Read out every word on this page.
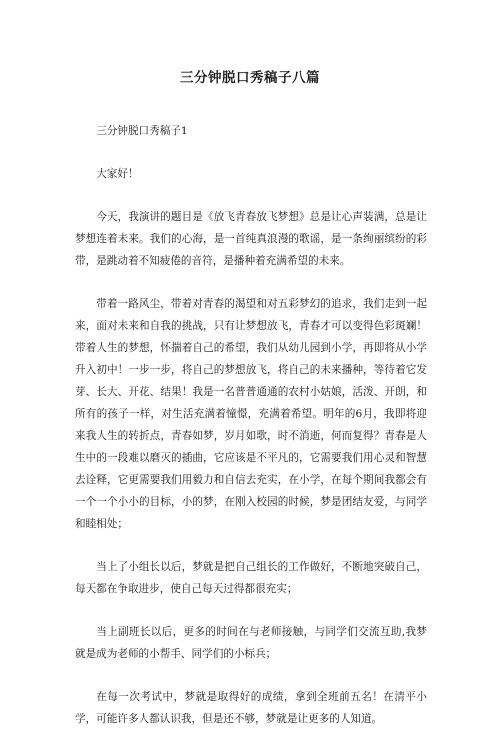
三分钟脱口秀稿子八篇

三分钟脱口秀稿子1

大家好！

今天，我演讲的题目是《放飞青春放飞梦想》总是让心声装满，总是让梦想连着未来。我们的心海，是一首纯真浪漫的歌谣，是一条绚丽缤纷的彩带，是跳动着不知疲倦的音符，是播种着充满希望的未来。

带着一路风尘，带着对青春的渴望和对五彩梦幻的追求，我们走到一起来，面对未来和自我的挑战，只有让梦想放飞，青春才可以变得色彩斑斓！带着人生的梦想，怀揣着自己的希望，我们从幼儿园到小学，再即将从小学升入初中！一步一步，将自己的梦想放飞，将自己的未来播种，等待着它发芽、长大、开花、结果！我是一名普普通通的农村小姑娘，活泼、开朗，和所有的孩子一样，对生活充满着憧憬，充满着希望。明年的6月，我即将迎来我人生的转折点，青春如梦，岁月如歌，时不消逝，何而复得？青春是人生中的一段难以磨灭的插曲，它应该是不平凡的，它需要我们用心灵和智慧去诠释，它更需要我们用毅力和自信去充实，在小学，在每个期间我都会有一个一个小小的目标，小的梦，在刚入校园的时候，梦是团结友爱，与同学和睦相处；

当上了小组长以后，梦就是把自己组长的工作做好，不断地突破自己，每天都在争取进步，使自己每天过得都很充实；

当上副班长以后，更多的时间在与老师接触，与同学们交流互助,我梦就是成为老师的小帮手、同学们的小标兵；

在每一次考试中，梦就是取得好的成绩，拿到全班前五名！在清平小学，可能许多人都认识我，但是还不够，梦就是让更多的人知道。
